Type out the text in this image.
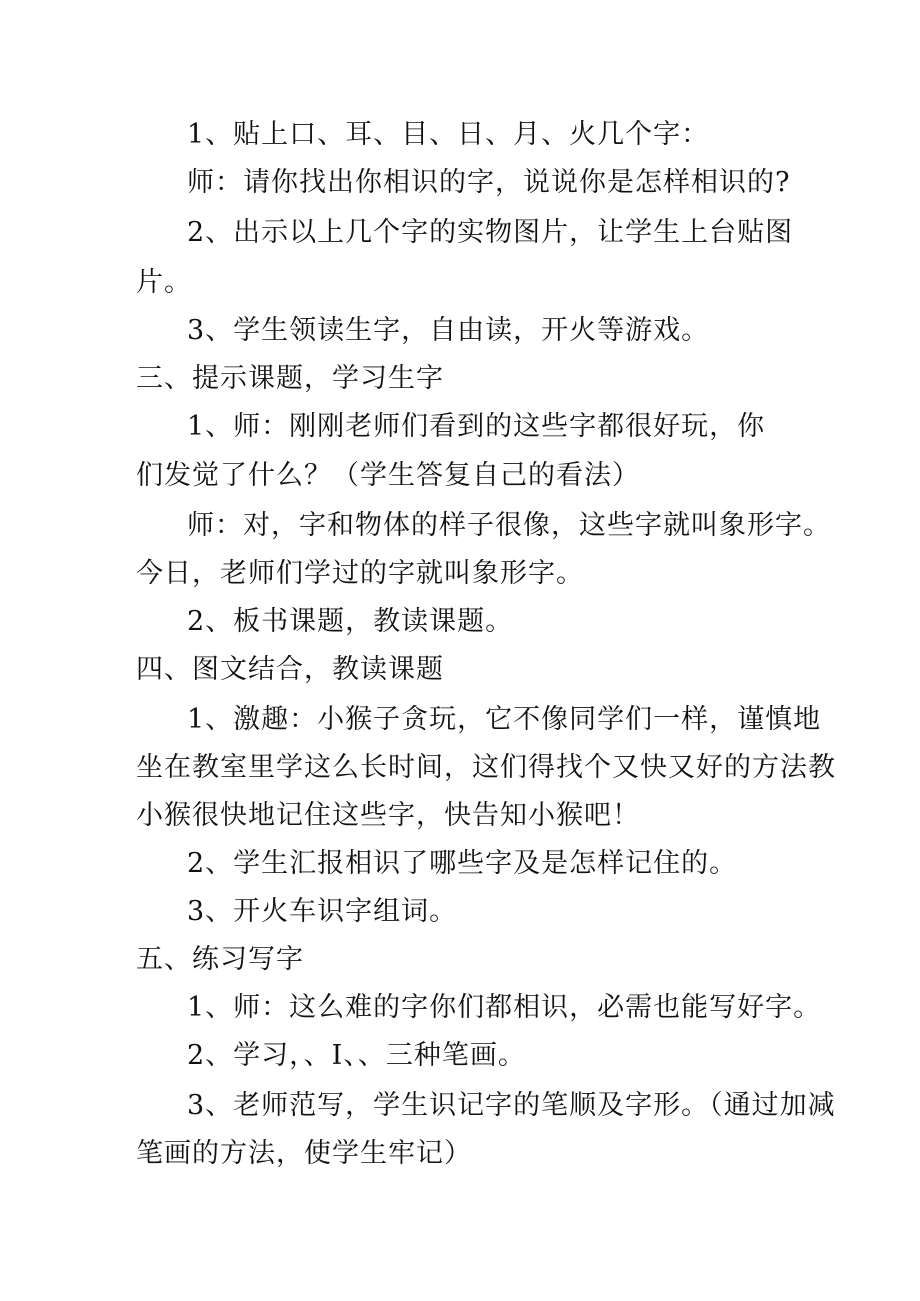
1、贴上口、耳、目、日、月、火几个字：

师：请你找出你相识的字，说说你是怎样相识的?

2、出示以上几个字的实物图片，让学生上台贴图

片。

3、学生领读生字，自由读，开火等游戏。

三、提示课题，学习生字

1、师：刚刚老师们看到的这些字都很好玩，你

们发觉了什么？（学生答复自己的看法）

师：对，字和物体的样子很像，这些字就叫象形字。

今日，老师们学过的字就叫象形字。

2、板书课题，教读课题。

四、图文结合，教读课题

1、激趣：小猴子贪玩，它不像同学们一样，谨慎地

坐在教室里学这么长时间，这们得找个又快又好的方法教

小猴很快地记住这些字，快告知小猴吧！

2、学生汇报相识了哪些字及是怎样记住的。

3、开火车识字组词。

五、练习写字

1、师：这么难的字你们都相识，必需也能写好字。

2、学习，、I、、三种笔画。

3、老师范写，学生识记字的笔顺及字形。（通过加减

笔画的方法，使学生牢记）
